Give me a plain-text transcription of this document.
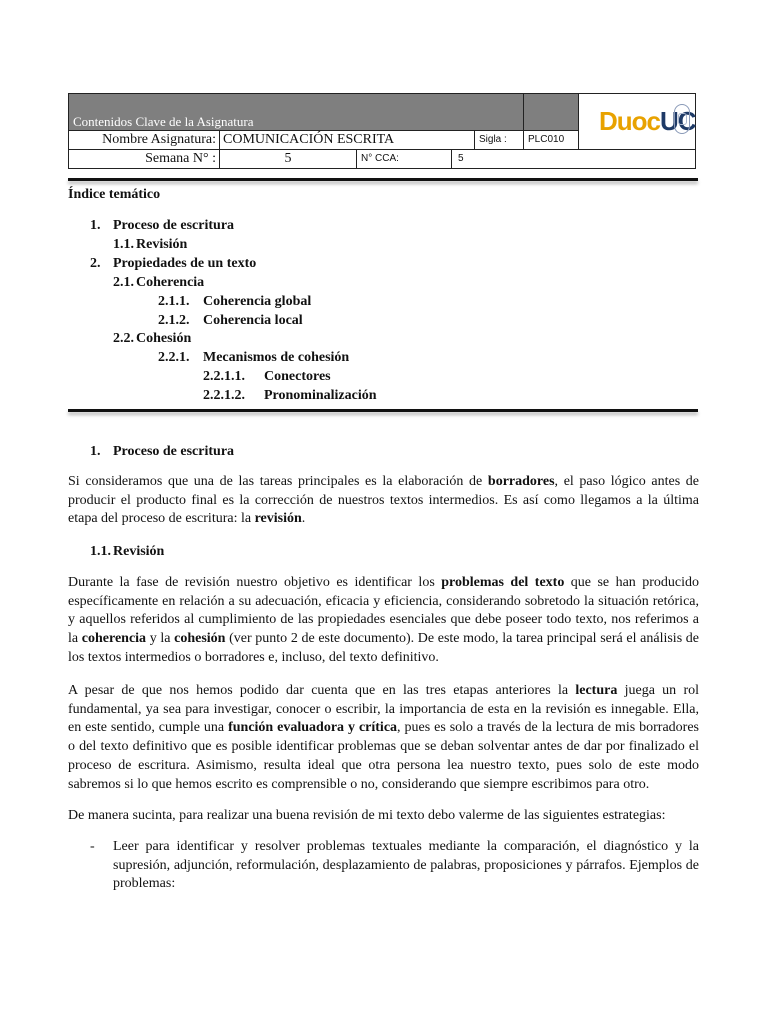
Contenidos Clave de la Asignatura	DuocUC
Nombre Asignatura: COMUNICACIÓN ESCRITA	Sigla :	PLC010
Semana N° :	5	N° CCA:	5
Índice temático
1. Proceso de escritura
1.1. Revisión
2. Propiedades de un texto
2.1. Coherencia
2.1.1. Coherencia global
2.1.2. Coherencia local
2.2. Cohesión
2.2.1. Mecanismos de cohesión
2.2.1.1. Conectores
2.2.1.2. Pronominalización
1. Proceso de escritura
Si consideramos que una de las tareas principales es la elaboración de borradores, el paso lógico antes de producir el producto final es la corrección de nuestros textos intermedios. Es así como llegamos a la última etapa del proceso de escritura: la revisión.
1.1. Revisión
Durante la fase de revisión nuestro objetivo es identificar los problemas del texto que se han producido específicamente en relación a su adecuación, eficacia y eficiencia, considerando sobretodo la situación retórica, y aquellos referidos al cumplimiento de las propiedades esenciales que debe poseer todo texto, nos referimos a la coherencia y la cohesión (ver punto 2 de este documento). De este modo, la tarea principal será el análisis de los textos intermedios o borradores e, incluso, del texto definitivo.
A pesar de que nos hemos podido dar cuenta que en las tres etapas anteriores la lectura juega un rol fundamental, ya sea para investigar, conocer o escribir, la importancia de esta en la revisión es innegable. Ella, en este sentido, cumple una función evaluadora y crítica, pues es solo a través de la lectura de mis borradores o del texto definitivo que es posible identificar problemas que se deban solventar antes de dar por finalizado el proceso de escritura. Asimismo, resulta ideal que otra persona lea nuestro texto, pues solo de este modo sabremos si lo que hemos escrito es comprensible o no, considerando que siempre escribimos para otro.
De manera sucinta, para realizar una buena revisión de mi texto debo valerme de las siguientes estrategias:
- Leer para identificar y resolver problemas textuales mediante la comparación, el diagnóstico y la supresión, adjunción, reformulación, desplazamiento de palabras, proposiciones y párrafos. Ejemplos de problemas:
